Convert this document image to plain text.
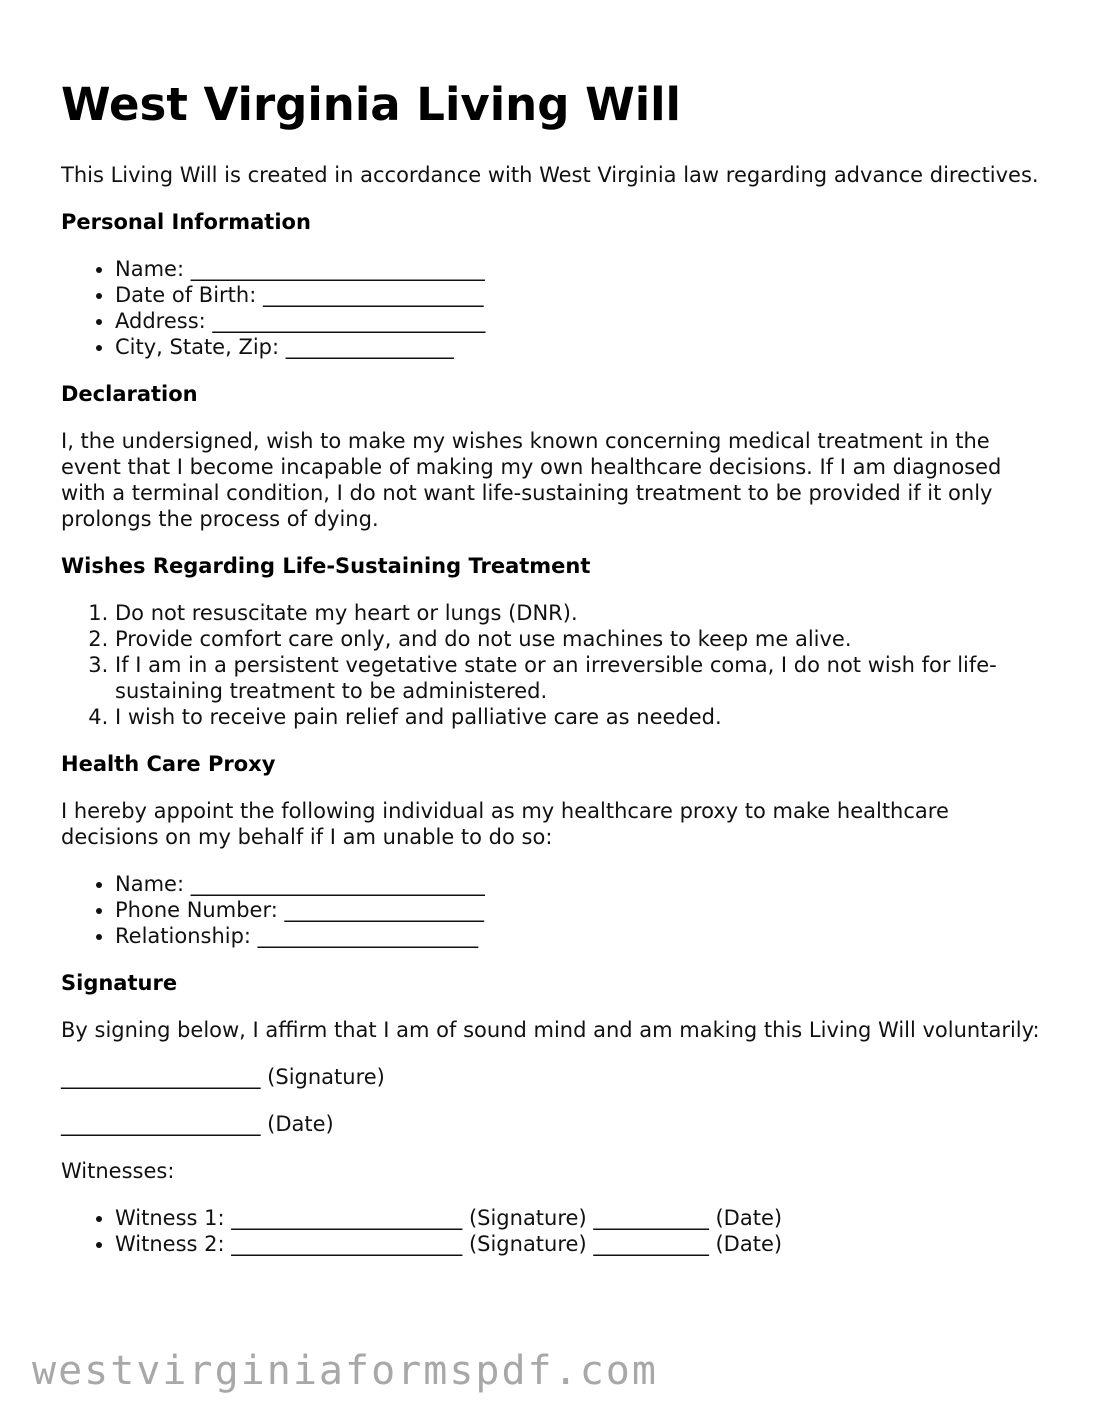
West Virginia Living Will

This Living Will is created in accordance with West Virginia law regarding advance directives.

Personal Information
• Name: ____________________________
• Date of Birth: _____________________
• Address: __________________________
• City, State, Zip: ________________
Declaration

I, the undersigned, wish to make my wishes known concerning medical treatment in the event that I become incapable of making my own healthcare decisions. If I am diagnosed with a terminal condition, I do not want life-sustaining treatment to be provided if it only prolongs the process of dying.

Wishes Regarding Life-Sustaining Treatment
1. Do not resuscitate my heart or lungs (DNR).
2. Provide comfort care only, and do not use machines to keep me alive.
3. If I am in a persistent vegetative state or an irreversible coma, I do not wish for life-sustaining treatment to be administered.
4. I wish to receive pain relief and palliative care as needed.
Health Care Proxy

I hereby appoint the following individual as my healthcare proxy to make healthcare decisions on my behalf if I am unable to do so:

• Name: ____________________________
• Phone Number: ___________________
• Relationship: _____________________
Signature

By signing below, I affirm that I am of sound mind and am making this Living Will voluntarily:

___________________ (Signature)

___________________ (Date)

Witnesses:

• Witness 1: ______________________ (Signature) ___________ (Date)
• Witness 2: ______________________ (Signature) ___________ (Date)
westvirginiaformspdf.com
